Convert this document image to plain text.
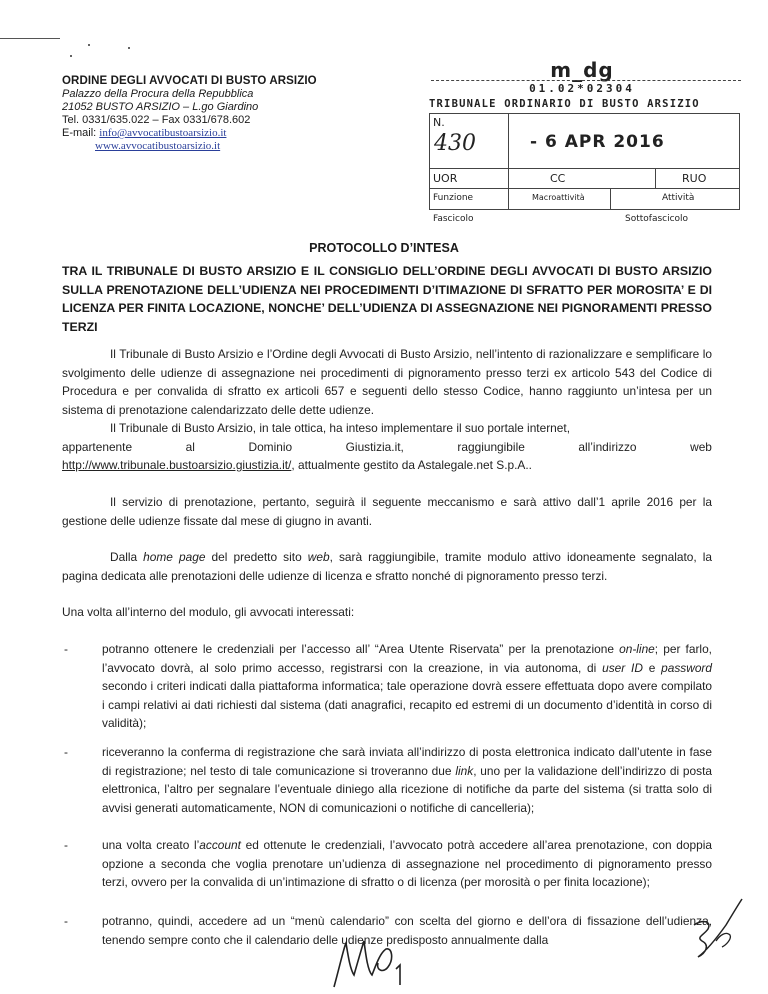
ORDINE DEGLI AVVOCATI DI BUSTO ARSIZIO
Palazzo della Procura della Repubblica
21052 BUSTO ARSIZIO – L.go Giardino
Tel. 0331/635.022 – Fax 0331/678.602
E-mail: info@avvocatibustoarsizio.it
www.avvocatibustoarsizio.it
m_dg
01.02*02304
TRIBUNALE ORDINARIO DI BUSTO ARSIZIO
N.
430	- 6 APR 2016
UOR	CC	RUO
Funzione	Macroattività	Attività
Fascicolo	Sottofascicolo
PROTOCOLLO D’INTESA
TRA IL TRIBUNALE DI BUSTO ARSIZIO E IL CONSIGLIO DELL’ORDINE DEGLI AVVOCATI DI BUSTO ARSIZIO SULLA PRENOTAZIONE DELL’UDIENZA NEI PROCEDIMENTI D’ITIMAZIONE DI SFRATTO PER MOROSITA’ E DI LICENZA PER FINITA LOCAZIONE, NONCHE’ DELL’UDIENZA DI ASSEGNAZIONE NEI PIGNORAMENTI PRESSO TERZI
Il Tribunale di Busto Arsizio e l’Ordine degli Avvocati di Busto Arsizio, nell’intento di razionalizzare e semplificare lo svolgimento delle udienze di assegnazione nei procedimenti di pignoramento presso terzi ex articolo 543 del Codice di Procedura e per convalida di sfratto ex articoli 657 e seguenti dello stesso Codice, hanno raggiunto un’intesa per un sistema di prenotazione calendarizzato delle dette udienze.
Il Tribunale di Busto Arsizio, in tale ottica, ha inteso implementare il suo portale internet,
appartenente	al	Dominio	Giustizia.it,	raggiungibile	all’indirizzo	web
http://www.tribunale.bustoarsizio.giustizia.it/, attualmente gestito da Astalegale.net S.p.A..
Il servizio di prenotazione, pertanto, seguirà il seguente meccanismo e sarà attivo dall’1 aprile 2016 per la gestione delle udienze fissate dal mese di giugno in avanti.
Dalla home page del predetto sito web, sarà raggiungibile, tramite modulo attivo idoneamente segnalato, la pagina dedicata alle prenotazioni delle udienze di licenza e sfratto nonché di pignoramento presso terzi.
Una volta all’interno del modulo, gli avvocati interessati:
-	potranno ottenere le credenziali per l’accesso all’ “Area Utente Riservata” per la prenotazione on-line; per farlo, l’avvocato dovrà, al solo primo accesso, registrarsi con la creazione, in via autonoma, di user ID e password secondo i criteri indicati dalla piattaforma informatica; tale operazione dovrà essere effettuata dopo avere compilato i campi relativi ai dati richiesti dal sistema (dati anagrafici, recapito ed estremi di un documento d’identità in corso di validità);
-	riceveranno la conferma di registrazione che sarà inviata all’indirizzo di posta elettronica indicato dall’utente in fase di registrazione; nel testo di tale comunicazione si troveranno due link, uno per la validazione dell’indirizzo di posta elettronica, l’altro per segnalare l’eventuale diniego alla ricezione di notifiche da parte del sistema (si tratta solo di avvisi generati automaticamente, NON di comunicazioni o notifiche di cancelleria);
-	una volta creato l’account ed ottenute le credenziali, l’avvocato potrà accedere all’area prenotazione, con doppia opzione a seconda che voglia prenotare un’udienza di assegnazione nel procedimento di pignoramento presso terzi, ovvero per la convalida di un’intimazione di sfratto o di licenza (per morosità o per finita locazione);
-	potranno, quindi, accedere ad un “menù calendario” con scelta del giorno e dell’ora di fissazione dell’udienza, tenendo sempre conto che il calendario delle udienze predisposto annualmente dalla
